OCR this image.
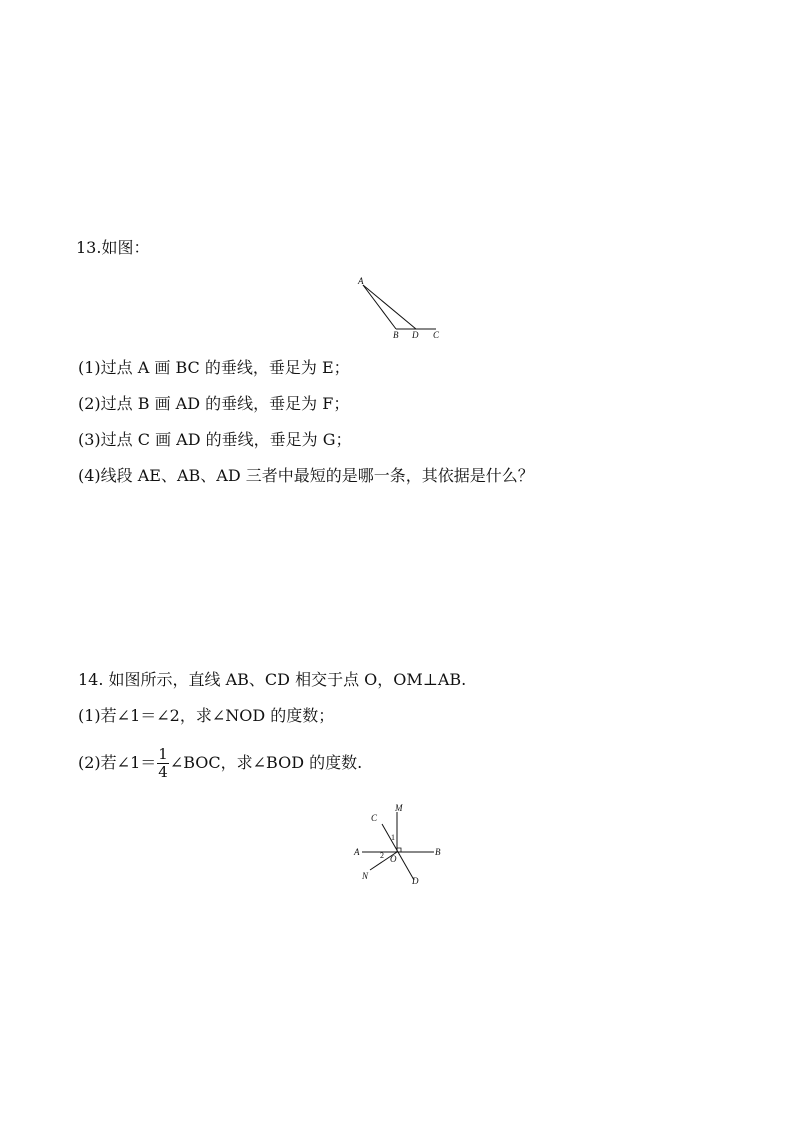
13.如图：
A
B D C
(1)过点 A 画 BC 的垂线，垂足为 E；
(2)过点 B 画 AD 的垂线，垂足为 F；
(3)过点 C 画 AD 的垂线，垂足为 G；
(4)线段 AE、AB、AD 三者中最短的是哪一条，其依据是什么？
14. 如图所示，直线 AB、CD 相交于点 O，OM⊥AB.
(1)若∠1＝∠2，求∠NOD 的度数；
(2)若∠1＝ $\frac{1}{4}$ ∠BOC，求∠BOD 的度数.
M
C
A	B
N
O
D
1
2
